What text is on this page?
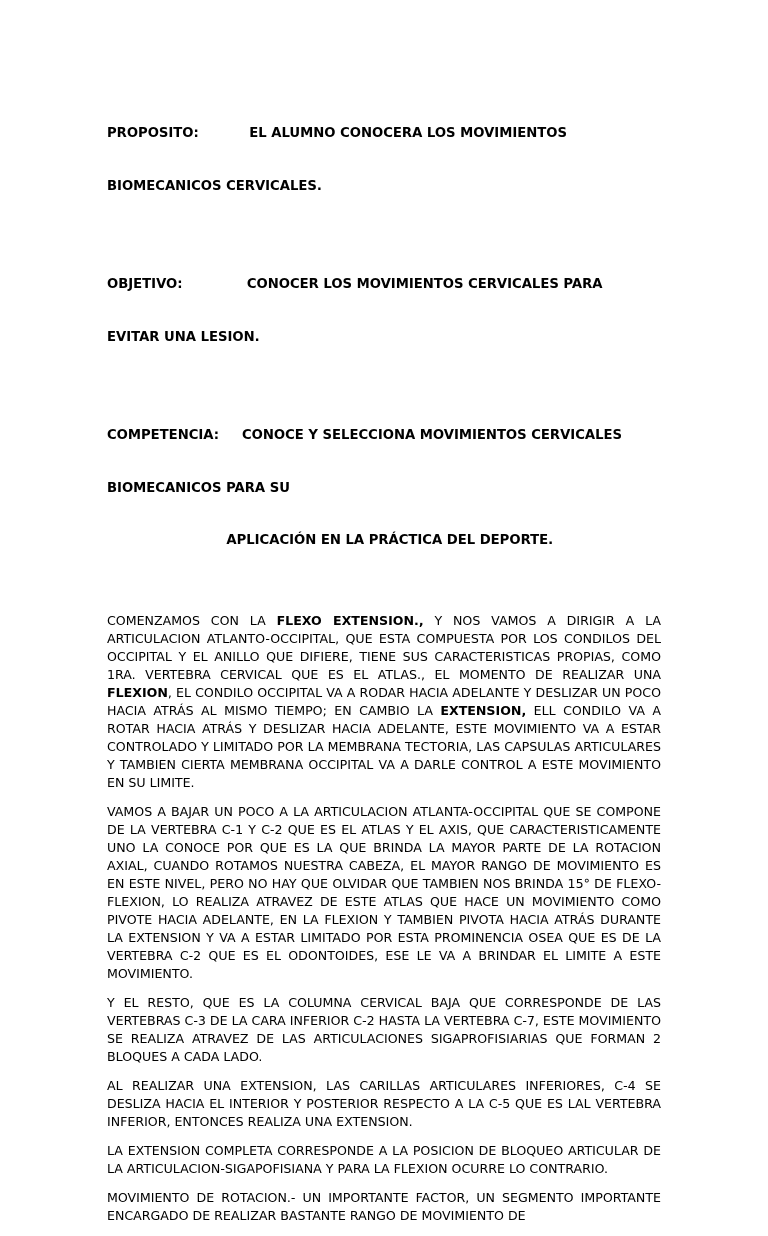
PROPOSITO:           EL ALUMNO CONOCERA LOS MOVIMIENTOS

BIOMECANICOS CERVICALES.

OBJETIVO:              CONOCER LOS MOVIMIENTOS CERVICALES PARA

EVITAR UNA LESION.

COMPETENCIA:     CONOCE Y SELECCIONA MOVIMIENTOS CERVICALES

BIOMECANICOS PARA SU

APLICACIÓN EN LA PRÁCTICA DEL DEPORTE.

COMENZAMOS CON LA FLEXO EXTENSION., Y NOS VAMOS A DIRIGIR A LA ARTICULACION ATLANTO-OCCIPITAL, QUE ESTA COMPUESTA POR LOS CONDILOS DEL OCCIPITAL Y EL ANILLO QUE DIFIERE, TIENE SUS CARACTERISTICAS PROPIAS, COMO 1RA. VERTEBRA CERVICAL QUE ES EL ATLAS., EL MOMENTO DE REALIZAR UNA FLEXION, EL CONDILO OCCIPITAL VA A RODAR HACIA ADELANTE Y DESLIZAR UN POCO HACIA ATRÁS AL MISMO TIEMPO; EN CAMBIO LA EXTENSION, ELL CONDILO VA A ROTAR HACIA ATRÁS Y DESLIZAR HACIA ADELANTE, ESTE MOVIMIENTO VA A ESTAR CONTROLADO Y LIMITADO POR LA MEMBRANA TECTORIA, LAS CAPSULAS ARTICULARES Y TAMBIEN CIERTA MEMBRANA OCCIPITAL VA A DARLE CONTROL A ESTE MOVIMIENTO EN SU LIMITE.

VAMOS A BAJAR UN POCO A LA ARTICULACION ATLANTA-OCCIPITAL QUE SE COMPONE DE LA VERTEBRA C-1 Y C-2 QUE ES EL ATLAS Y EL AXIS, QUE CARACTERISTICAMENTE UNO LA CONOCE POR QUE ES LA QUE BRINDA LA MAYOR PARTE DE LA ROTACION AXIAL, CUANDO ROTAMOS NUESTRA CABEZA, EL MAYOR RANGO DE MOVIMIENTO ES EN ESTE NIVEL, PERO NO HAY QUE OLVIDAR QUE TAMBIEN NOS BRINDA 15° DE FLEXO-FLEXION, LO REALIZA ATRAVEZ DE ESTE ATLAS QUE HACE UN MOVIMIENTO COMO PIVOTE HACIA ADELANTE, EN LA FLEXION Y TAMBIEN PIVOTA HACIA ATRÁS DURANTE LA EXTENSION Y VA A ESTAR LIMITADO POR ESTA PROMINENCIA OSEA QUE ES DE LA VERTEBRA C-2 QUE ES EL ODONTOIDES, ESE LE VA A BRINDAR EL LIMITE A ESTE MOVIMIENTO.

Y EL RESTO, QUE ES LA COLUMNA CERVICAL BAJA QUE CORRESPONDE DE LAS VERTEBRAS C-3 DE LA CARA INFERIOR C-2 HASTA LA VERTEBRA C-7, ESTE MOVIMIENTO SE REALIZA ATRAVEZ DE LAS ARTICULACIONES SIGAPROFISIARIAS QUE FORMAN 2 BLOQUES A CADA LADO.

AL REALIZAR UNA EXTENSION, LAS CARILLAS ARTICULARES INFERIORES, C-4 SE DESLIZA HACIA EL INTERIOR Y POSTERIOR RESPECTO A LA C-5 QUE ES LAL VERTEBRA INFERIOR, ENTONCES REALIZA UNA EXTENSION.

LA EXTENSION COMPLETA CORRESPONDE A LA POSICION DE BLOQUEO ARTICULAR DE LA ARTICULACION-SIGAPOFISIANA Y PARA LA FLEXION OCURRE LO CONTRARIO.

MOVIMIENTO DE ROTACION.- UN IMPORTANTE FACTOR, UN SEGMENTO IMPORTANTE ENCARGADO DE REALIZAR BASTANTE RANGO DE MOVIMIENTO DE
